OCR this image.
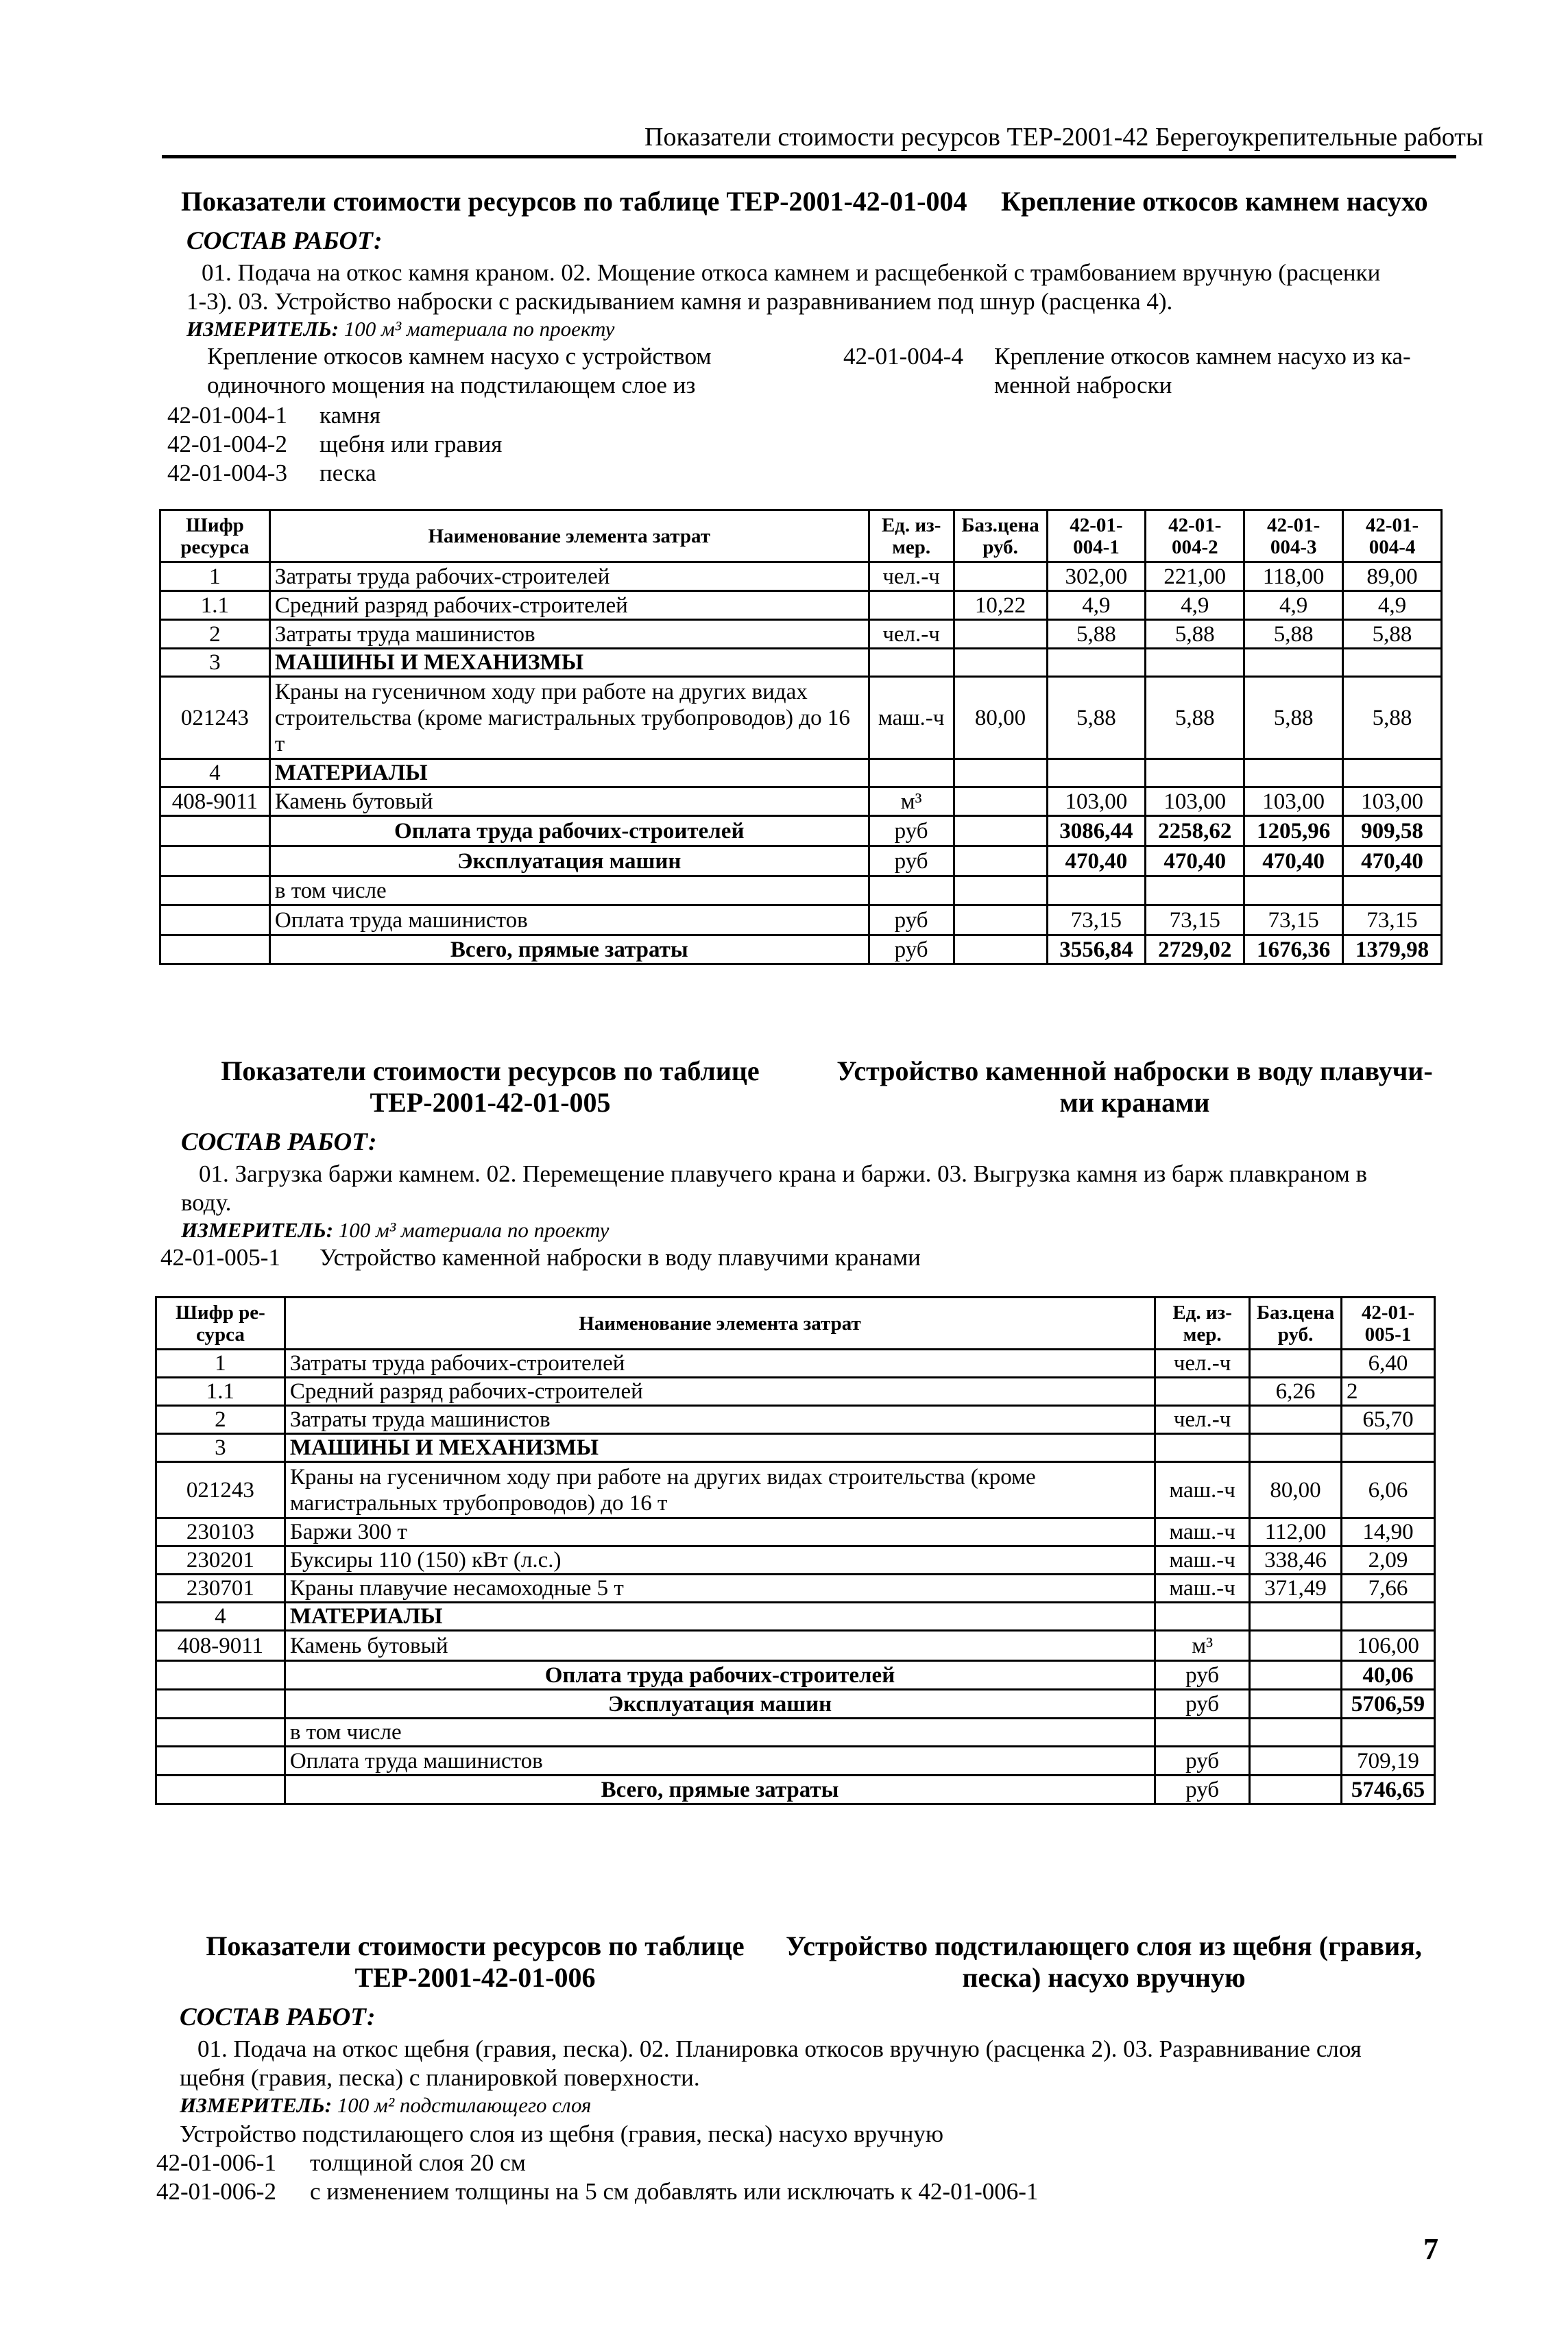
Показатели стоимости ресурсов ТЕР-2001-42 Берегоукрепительные работы
Показатели стоимости ресурсов по таблице ТЕР-2001-42-01-004 Крепление откосов камнем насухо
СОСТАВ РАБОТ:
01. Подача на откос камня краном. 02. Мощение откоса камнем и расщебенкой с трамбованием вручную (расценки
1-3). 03. Устройство наброски с раскидыванием камня и разравниванием под шнур (расценка 4).
ИЗМЕРИТЕЛЬ: 100 м³ материала по проекту
Крепление откосов камнем насухо с устройством
одиночного мощения на подстилающем слое из
42-01-004-4 Крепление откосов камнем насухо из ка-
менной наброски
42-01-004-1 камня
42-01-004-2 щебня или гравия
42-01-004-3 песка
Шифр ресурса	Наименование элемента затрат	Ед. из-мер.	Баз.цена руб.	42-01-004-1	42-01-004-2	42-01-004-3	42-01-004-4
1	Затраты труда рабочих-строителей	чел.-ч		302,00	221,00	118,00	89,00
1.1	Средний разряд рабочих-строителей		10,22	4,9	4,9	4,9	4,9
2	Затраты труда машинистов	чел.-ч		5,88	5,88	5,88	5,88
3	МАШИНЫ И МЕХАНИЗМЫ						
021243	Краны на гусеничном ходу при работе на других видах строительства (кроме магистральных трубопроводов) до 16 т	маш.-ч	80,00	5,88	5,88	5,88	5,88
4	МАТЕРИАЛЫ						
408-9011	Камень бутовый	м³		103,00	103,00	103,00	103,00
	Оплата труда рабочих-строителей	руб		3086,44	2258,62	1205,96	909,58
	Эксплуатация машин	руб		470,40	470,40	470,40	470,40
	в том числе						
	Оплата труда машинистов	руб		73,15	73,15	73,15	73,15
	Всего, прямые затраты	руб		3556,84	2729,02	1676,36	1379,98
Показатели стоимости ресурсов по таблице
ТЕР-2001-42-01-005
Устройство каменной наброски в воду плавучи-
ми кранами
СОСТАВ РАБОТ:
01. Загрузка баржи камнем. 02. Перемещение плавучего крана и баржи. 03. Выгрузка камня из барж плавкраном в
воду.
ИЗМЕРИТЕЛЬ: 100 м³ материала по проекту
42-01-005-1 Устройство каменной наброски в воду плавучими кранами
Шифр ре-сурса	Наименование элемента затрат	Ед. из-мер.	Баз.цена руб.	42-01-005-1
1	Затраты труда рабочих-строителей	чел.-ч		6,40
1.1	Средний разряд рабочих-строителей		6,26	2
2	Затраты труда машинистов	чел.-ч		65,70
3	МАШИНЫ И МЕХАНИЗМЫ			
021243	Краны на гусеничном ходу при работе на других видах строительства (кроме магистральных трубопроводов) до 16 т	маш.-ч	80,00	6,06
230103	Баржи 300 т	маш.-ч	112,00	14,90
230201	Буксиры 110 (150) кВт (л.с.)	маш.-ч	338,46	2,09
230701	Краны плавучие несамоходные 5 т	маш.-ч	371,49	7,66
4	МАТЕРИАЛЫ			
408-9011	Камень бутовый	м³		106,00
	Оплата труда рабочих-строителей	руб		40,06
	Эксплуатация машин	руб		5706,59
	в том числе			
	Оплата труда машинистов	руб		709,19
	Всего, прямые затраты	руб		5746,65
Показатели стоимости ресурсов по таблице
ТЕР-2001-42-01-006
Устройство подстилающего слоя из щебня (гравия,
песка) насухо вручную
СОСТАВ РАБОТ:
01. Подача на откос щебня (гравия, песка). 02. Планировка откосов вручную (расценка 2). 03. Разравнивание слоя
щебня (гравия, песка) с планировкой поверхности.
ИЗМЕРИТЕЛЬ: 100 м² подстилающего слоя
Устройство подстилающего слоя из щебня (гравия, песка) насухо вручную
42-01-006-1 толщиной слоя 20 см
42-01-006-2 с изменением толщины на 5 см добавлять или исключать к 42-01-006-1
7
